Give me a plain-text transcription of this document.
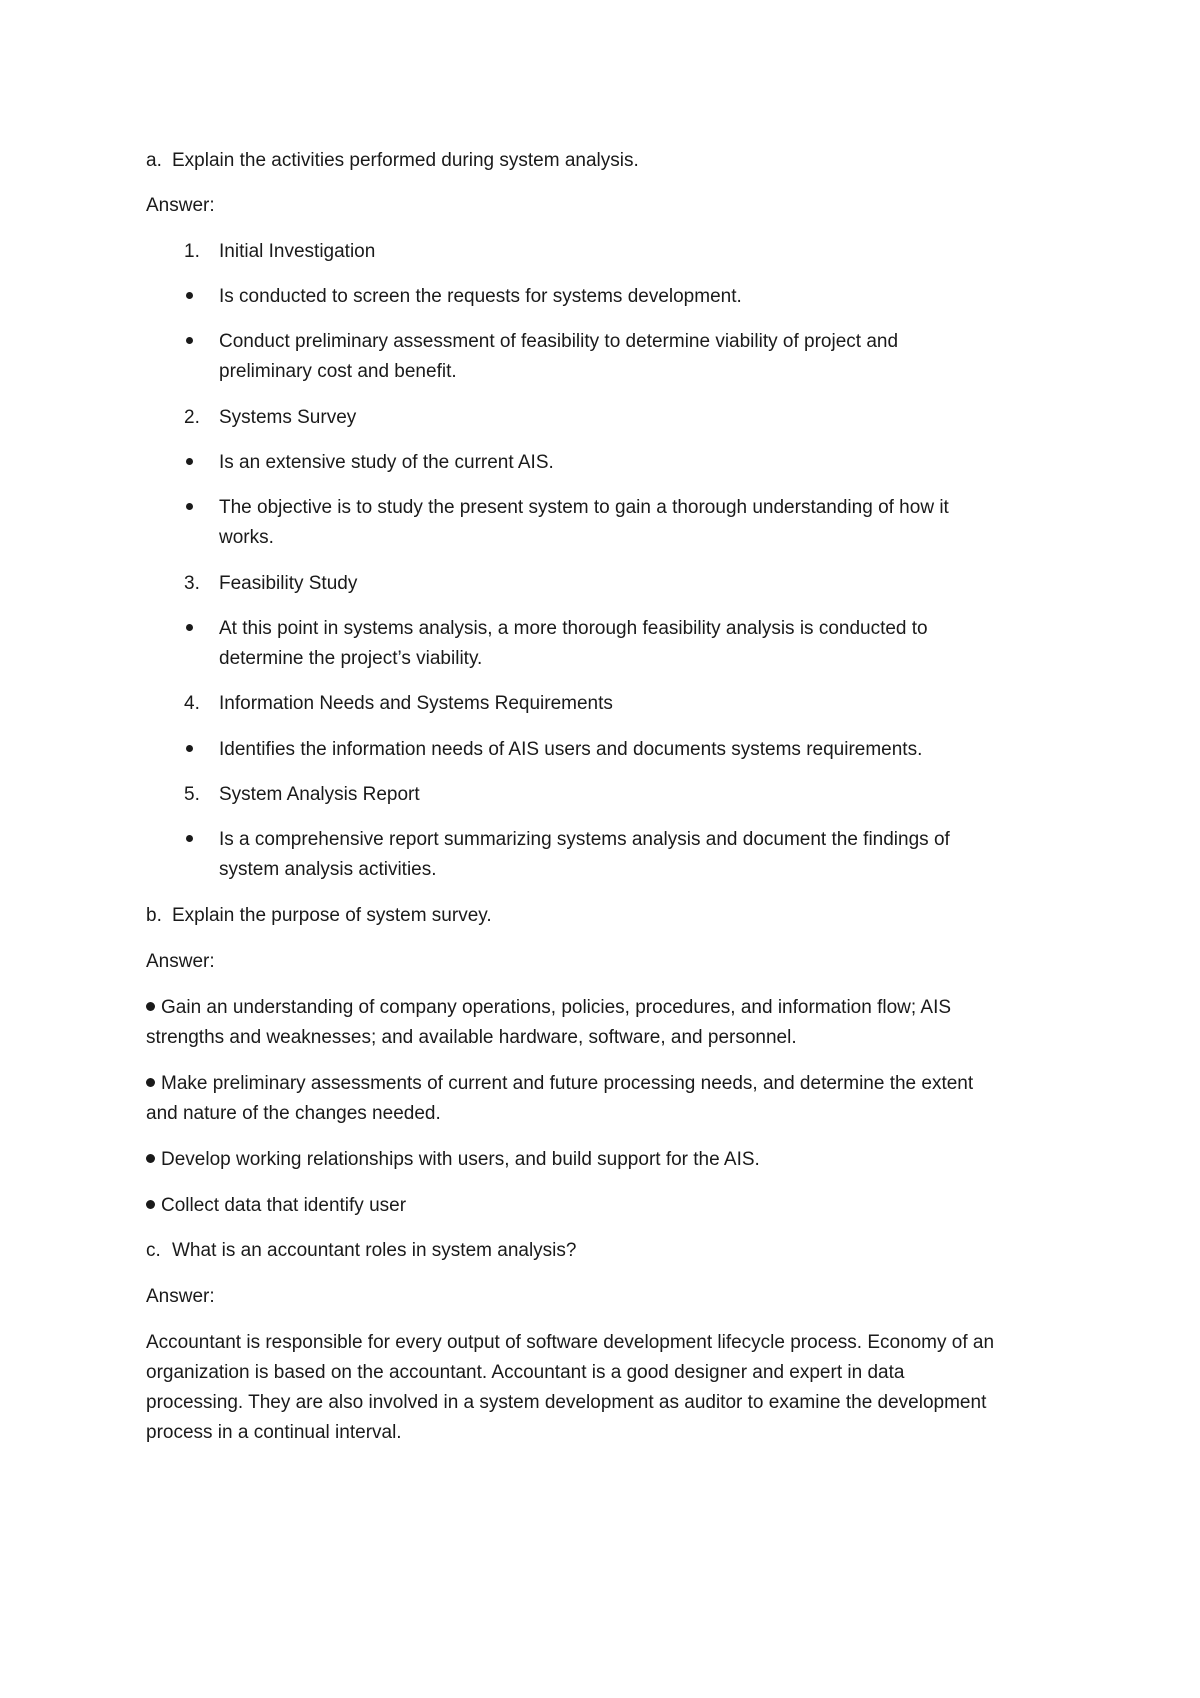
a. Explain the activities performed during system analysis.
Answer:
1. Initial Investigation
Is conducted to screen the requests for systems development.
Conduct preliminary assessment of feasibility to determine viability of project and
preliminary cost and benefit.
2. Systems Survey
Is an extensive study of the current AIS.
The objective is to study the present system to gain a thorough understanding of how it
works.
3. Feasibility Study
At this point in systems analysis, a more thorough feasibility analysis is conducted to
determine the project’s viability.
4. Information Needs and Systems Requirements
Identifies the information needs of AIS users and documents systems requirements.
5. System Analysis Report
Is a comprehensive report summarizing systems analysis and document the findings of
system analysis activities.
b. Explain the purpose of system survey.
Answer:
Gain an understanding of company operations, policies, procedures, and information flow; AIS
strengths and weaknesses; and available hardware, software, and personnel.
Make preliminary assessments of current and future processing needs, and determine the extent
and nature of the changes needed.
Develop working relationships with users, and build support for the AIS.
Collect data that identify user
c. What is an accountant roles in system analysis?
Answer:
Accountant is responsible for every output of software development lifecycle process. Economy of an
organization is based on the accountant. Accountant is a good designer and expert in data
processing. They are also involved in a system development as auditor to examine the development
process in a continual interval.
